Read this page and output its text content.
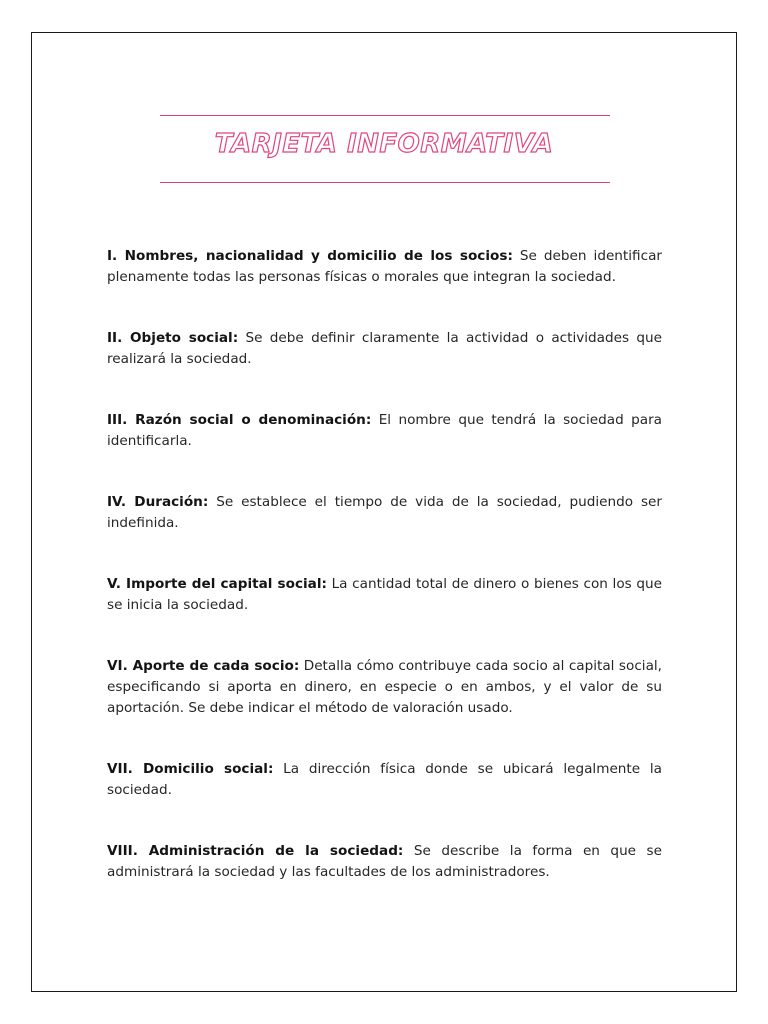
TARJETA INFORMATIVA

I. Nombres, nacionalidad y domicilio de los socios: Se deben identificar plenamente todas las personas físicas o morales que integran la sociedad.

II. Objeto social: Se debe definir claramente la actividad o actividades que realizará la sociedad.

III. Razón social o denominación: El nombre que tendrá la sociedad para identificarla.

IV. Duración: Se establece el tiempo de vida de la sociedad, pudiendo ser indefinida.

V. Importe del capital social: La cantidad total de dinero o bienes con los que se inicia la sociedad.

VI. Aporte de cada socio: Detalla cómo contribuye cada socio al capital social, especificando si aporta en dinero, en especie o en ambos, y el valor de su aportación. Se debe indicar el método de valoración usado.

VII. Domicilio social: La dirección física donde se ubicará legalmente la sociedad.

VIII. Administración de la sociedad: Se describe la forma en que se administrará la sociedad y las facultades de los administradores.
